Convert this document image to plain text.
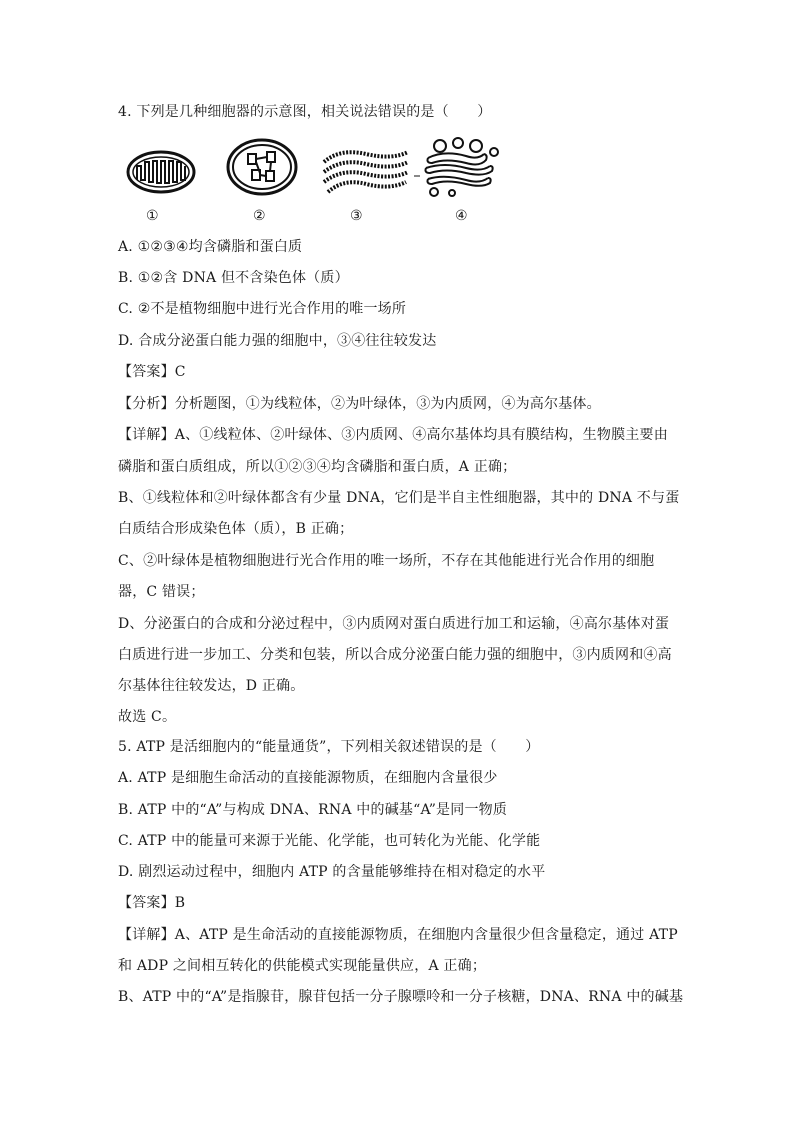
4. 下列是几种细胞器的示意图，相关说法错误的是（　　）
①	②	③	④
A. ①②③④均含磷脂和蛋白质
B. ①②含 DNA 但不含染色体（质）
C. ②不是植物细胞中进行光合作用的唯一场所
D. 合成分泌蛋白能力强的细胞中，③④往往较发达
【答案】C
【分析】分析题图，①为线粒体，②为叶绿体，③为内质网，④为高尔基体。
【详解】A、①线粒体、②叶绿体、③内质网、④高尔基体均具有膜结构，生物膜主要由
磷脂和蛋白质组成，所以①②③④均含磷脂和蛋白质，A 正确；
B、①线粒体和②叶绿体都含有少量 DNA，它们是半自主性细胞器，其中的 DNA 不与蛋
白质结合形成染色体（质），B 正确；
C、②叶绿体是植物细胞进行光合作用的唯一场所，不存在其他能进行光合作用的细胞
器，C 错误；
D、分泌蛋白的合成和分泌过程中，③内质网对蛋白质进行加工和运输，④高尔基体对蛋
白质进行进一步加工、分类和包装，所以合成分泌蛋白能力强的细胞中，③内质网和④高
尔基体往往较发达，D 正确。
故选 C。
5. ATP 是活细胞内的“能量通货”，下列相关叙述错误的是（　　）
A. ATP 是细胞生命活动的直接能源物质，在细胞内含量很少
B. ATP 中的“A”与构成 DNA、RNA 中的碱基“A”是同一物质
C. ATP 中的能量可来源于光能、化学能，也可转化为光能、化学能
D. 剧烈运动过程中，细胞内 ATP 的含量能够维持在相对稳定的水平
【答案】B
【详解】A、ATP 是生命活动的直接能源物质，在细胞内含量很少但含量稳定，通过 ATP
和 ADP 之间相互转化的供能模式实现能量供应，A 正确；
B、ATP 中的“A”是指腺苷，腺苷包括一分子腺嘌呤和一分子核糖，DNA、RNA 中的碱基
